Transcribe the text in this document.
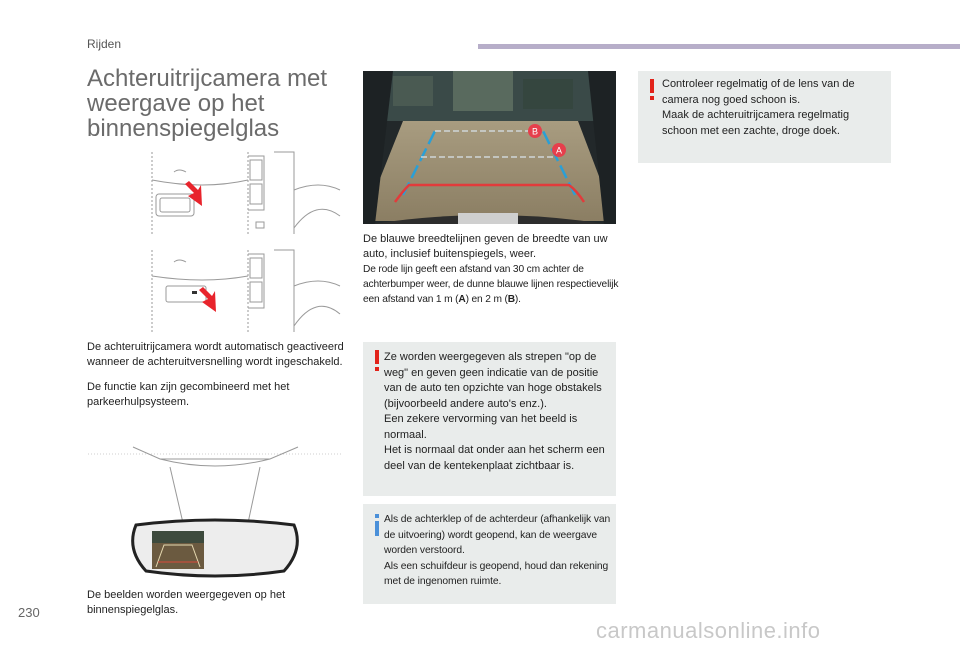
Rijden
Achteruitrijcamera met weergave op het binnenspiegelglas

De achteruitrijcamera wordt automatisch geactiveerd wanneer de achteruitversnelling wordt ingeschakeld.

De functie kan zijn gecombineerd met het parkeerhulpsysteem.

De beelden worden weergegeven op het binnenspiegelglas.
B
A

De blauwe breedtelijnen geven de breedte van uw auto, inclusief buitenspiegels, weer.

De rode lijn geeft een afstand van 30 cm achter de achterbumper weer, de dunne blauwe lijnen respectievelijk een afstand van 1 m (A) en 2 m (B).

Ze worden weergegeven als strepen "op de weg" en geven geen indicatie van de positie van de auto ten opzichte van hoge obstakels (bijvoorbeeld andere auto's enz.).
Een zekere vervorming van het beeld is normaal.
Het is normaal dat onder aan het scherm een deel van de kentekenplaat zichtbaar is.
Als de achterklep of de achterdeur (afhankelijk van de uitvoering) wordt geopend, kan de weergave worden verstoord.
Als een schuifdeur is geopend, houd dan rekening met de ingenomen ruimte.
Controleer regelmatig of de lens van de camera nog goed schoon is.
Maak de achteruitrijcamera regelmatig schoon met een zachte, droge doek.
230
carmanualsonline.info
